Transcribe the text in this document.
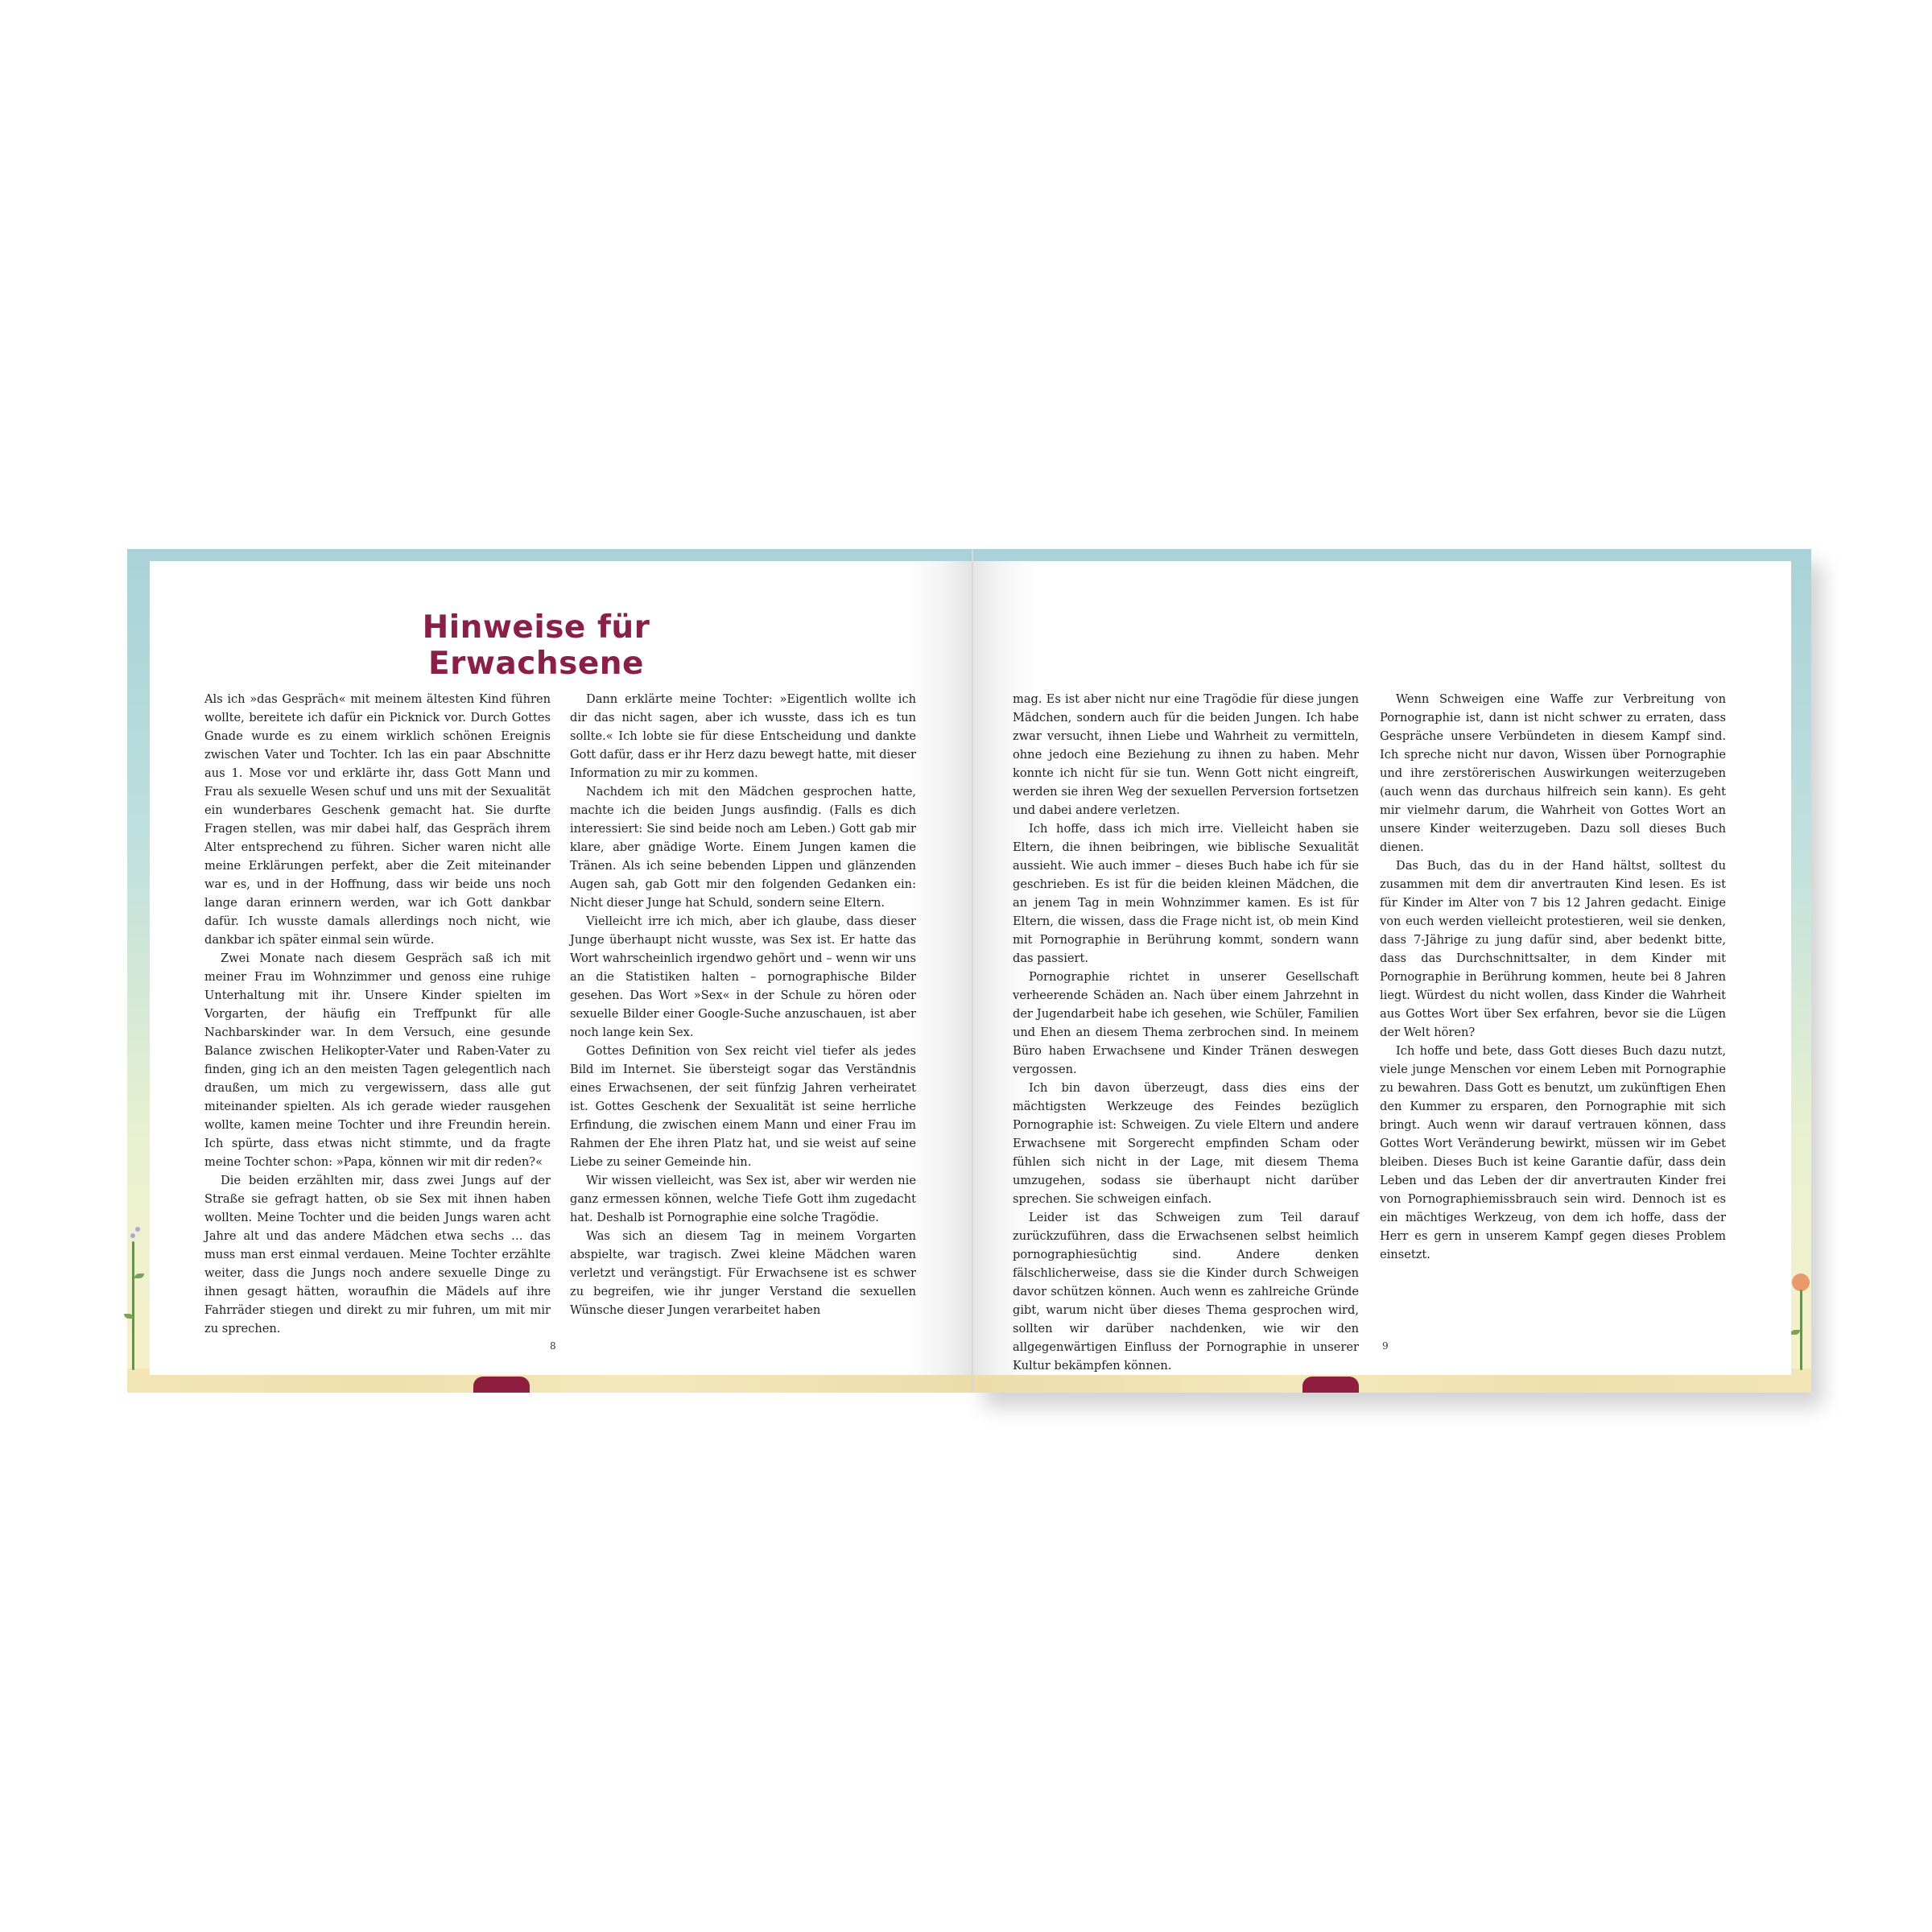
Hinweise für Erwachsene

Als ich »das Gespräch« mit meinem ältesten Kind führen wollte, bereitete ich dafür ein Picknick vor. Durch Gottes Gnade wurde es zu einem wirklich schönen Ereignis zwischen Vater und Tochter. Ich las ein paar Abschnitte aus 1. Mose vor und erklärte ihr, dass Gott Mann und Frau als sexuelle Wesen schuf und uns mit der Sexualität ein wunderbares Geschenk gemacht hat. Sie durfte Fragen stellen, was mir dabei half, das Gespräch ihrem Alter entsprechend zu führen. Sicher waren nicht alle meine Erklärungen perfekt, aber die Zeit miteinander war es, und in der Hoffnung, dass wir beide uns noch lange daran erinnern werden, war ich Gott dankbar dafür. Ich wusste damals allerdings noch nicht, wie dankbar ich später einmal sein würde.

Zwei Monate nach diesem Gespräch saß ich mit meiner Frau im Wohnzimmer und genoss eine ruhige Unterhaltung mit ihr. Unsere Kinder spielten im Vorgarten, der häufig ein Treffpunkt für alle Nachbarskinder war. In dem Versuch, eine gesunde Balance zwischen Helikopter-Vater und Raben-Vater zu finden, ging ich an den meisten Tagen gelegentlich nach draußen, um mich zu vergewissern, dass alle gut miteinander spielten. Als ich gerade wieder rausgehen wollte, kamen meine Tochter und ihre Freundin herein. Ich spürte, dass etwas nicht stimmte, und da fragte meine Tochter schon: »Papa, können wir mit dir reden?«

Die beiden erzählten mir, dass zwei Jungs auf der Straße sie gefragt hatten, ob sie Sex mit ihnen haben wollten. Meine Tochter und die beiden Jungs waren acht Jahre alt und das andere Mädchen etwa sechs … das muss man erst einmal verdauen. Meine Tochter erzählte weiter, dass die Jungs noch andere sexuelle Dinge zu ihnen gesagt hätten, woraufhin die Mädels auf ihre Fahrräder stiegen und direkt zu mir fuhren, um mit mir zu sprechen.

Dann erklärte meine Tochter: »Eigentlich wollte ich dir das nicht sagen, aber ich wusste, dass ich es tun sollte.« Ich lobte sie für diese Entscheidung und dankte Gott dafür, dass er ihr Herz dazu bewegt hatte, mit dieser Information zu mir zu kommen.

Nachdem ich mit den Mädchen gesprochen hatte, machte ich die beiden Jungs ausfindig. (Falls es dich interessiert: Sie sind beide noch am Leben.) Gott gab mir klare, aber gnädige Worte. Einem Jungen kamen die Tränen. Als ich seine bebenden Lippen und glänzenden Augen sah, gab Gott mir den folgenden Gedanken ein: Nicht dieser Junge hat Schuld, sondern seine Eltern.

Vielleicht irre ich mich, aber ich glaube, dass dieser Junge überhaupt nicht wusste, was Sex ist. Er hatte das Wort wahrscheinlich irgendwo gehört und – wenn wir uns an die Statistiken halten – pornographische Bilder gesehen. Das Wort »Sex« in der Schule zu hören oder sexuelle Bilder einer Google-Suche anzuschauen, ist aber noch lange kein Sex.

Gottes Definition von Sex reicht viel tiefer als jedes Bild im Internet. Sie übersteigt sogar das Verständnis eines Erwachsenen, der seit fünfzig Jahren verheiratet ist. Gottes Geschenk der Sexualität ist seine herrliche Erfindung, die zwischen einem Mann und einer Frau im Rahmen der Ehe ihren Platz hat, und sie weist auf seine Liebe zu seiner Gemeinde hin.

Wir wissen vielleicht, was Sex ist, aber wir werden nie ganz ermessen können, welche Tiefe Gott ihm zugedacht hat. Deshalb ist Pornographie eine solche Tragödie.

Was sich an diesem Tag in meinem Vorgarten abspielte, war tragisch. Zwei kleine Mädchen waren verletzt und verängstigt. Für Erwachsene ist es schwer zu begreifen, wie ihr junger Verstand die sexuellen Wünsche dieser Jungen verarbeitet haben

8

mag. Es ist aber nicht nur eine Tragödie für diese jungen Mädchen, sondern auch für die beiden Jungen. Ich habe zwar versucht, ihnen Liebe und Wahrheit zu vermitteln, ohne jedoch eine Beziehung zu ihnen zu haben. Mehr konnte ich nicht für sie tun. Wenn Gott nicht eingreift, werden sie ihren Weg der sexuellen Perversion fortsetzen und dabei andere verletzen.

Ich hoffe, dass ich mich irre. Vielleicht haben sie Eltern, die ihnen beibringen, wie biblische Sexualität aussieht. Wie auch immer – dieses Buch habe ich für sie geschrieben. Es ist für die beiden kleinen Mädchen, die an jenem Tag in mein Wohnzimmer kamen. Es ist für Eltern, die wissen, dass die Frage nicht ist, ob mein Kind mit Pornographie in Berührung kommt, sondern wann das passiert.

Pornographie richtet in unserer Gesellschaft verheerende Schäden an. Nach über einem Jahrzehnt in der Jugendarbeit habe ich gesehen, wie Schüler, Familien und Ehen an diesem Thema zerbrochen sind. In meinem Büro haben Erwachsene und Kinder Tränen deswegen vergossen.

Ich bin davon überzeugt, dass dies eins der mächtigsten Werkzeuge des Feindes bezüglich Pornographie ist: Schweigen. Zu viele Eltern und andere Erwachsene mit Sorgerecht empfinden Scham oder fühlen sich nicht in der Lage, mit diesem Thema umzugehen, sodass sie überhaupt nicht darüber sprechen. Sie schweigen einfach.

Leider ist das Schweigen zum Teil darauf zurückzuführen, dass die Erwachsenen selbst heimlich pornographiesüchtig sind. Andere denken fälschlicherweise, dass sie die Kinder durch Schweigen davor schützen können. Auch wenn es zahlreiche Gründe gibt, warum nicht über dieses Thema gesprochen wird, sollten wir darüber nachdenken, wie wir den allgegenwärtigen Einfluss der Pornographie in unserer Kultur bekämpfen können.

Wenn Schweigen eine Waffe zur Verbreitung von Pornographie ist, dann ist nicht schwer zu erraten, dass Gespräche unsere Verbündeten in diesem Kampf sind. Ich spreche nicht nur davon, Wissen über Pornographie und ihre zerstörerischen Auswirkungen weiterzugeben (auch wenn das durchaus hilfreich sein kann). Es geht mir vielmehr darum, die Wahrheit von Gottes Wort an unsere Kinder weiterzugeben. Dazu soll dieses Buch dienen.

Das Buch, das du in der Hand hältst, solltest du zusammen mit dem dir anvertrauten Kind lesen. Es ist für Kinder im Alter von 7 bis 12 Jahren gedacht. Einige von euch werden vielleicht protestieren, weil sie denken, dass 7-Jährige zu jung dafür sind, aber bedenkt bitte, dass das Durchschnittsalter, in dem Kinder mit Pornographie in Berührung kommen, heute bei 8 Jahren liegt. Würdest du nicht wollen, dass Kinder die Wahrheit aus Gottes Wort über Sex erfahren, bevor sie die Lügen der Welt hören?

Ich hoffe und bete, dass Gott dieses Buch dazu nutzt, viele junge Menschen vor einem Leben mit Pornographie zu bewahren. Dass Gott es benutzt, um zukünftigen Ehen den Kummer zu ersparen, den Pornographie mit sich bringt. Auch wenn wir darauf vertrauen können, dass Gottes Wort Veränderung bewirkt, müssen wir im Gebet bleiben. Dieses Buch ist keine Garantie dafür, dass dein Leben und das Leben der dir anvertrauten Kinder frei von Pornographiemissbrauch sein wird. Dennoch ist es ein mächtiges Werkzeug, von dem ich hoffe, dass der Herr es gern in unserem Kampf gegen dieses Problem einsetzt.

9
